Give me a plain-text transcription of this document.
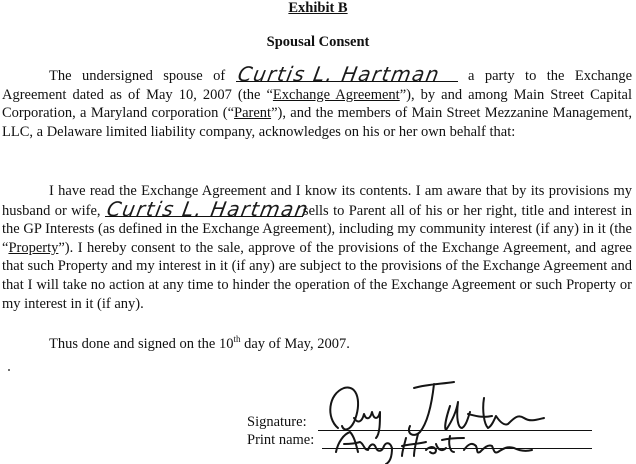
Exhibit B
Spousal Consent

The undersigned spouse of Curtis L. Hartman a party to the Exchange Agreement dated as of May 10, 2007 (the “Exchange Agreement”), by and among Main Street Capital Corporation, a Maryland corporation (“Parent”), and the members of Main Street Mezzanine Management, LLC, a Delaware limited liability company, acknowledges on his or her own behalf that:

I have read the Exchange Agreement and I know its contents. I am aware that by its provisions my husband or wife, Curtis L. Hartman
sells to Parent all of his or her right, title and interest in the GP Interests (as defined in the Exchange Agreement), including my community interest (if any) in it (the “Property”). I hereby consent to the sale, approve of the provisions of the Exchange Agreement, and agree that such Property and my interest in it (if any) are subject to the provisions of the Exchange Agreement and that I will take no action at any time to hinder the operation of the Exchange Agreement or such Property or my interest in it (if any).

Thus done and signed on the 10th day of May, 2007.

Signature:
Print name:
